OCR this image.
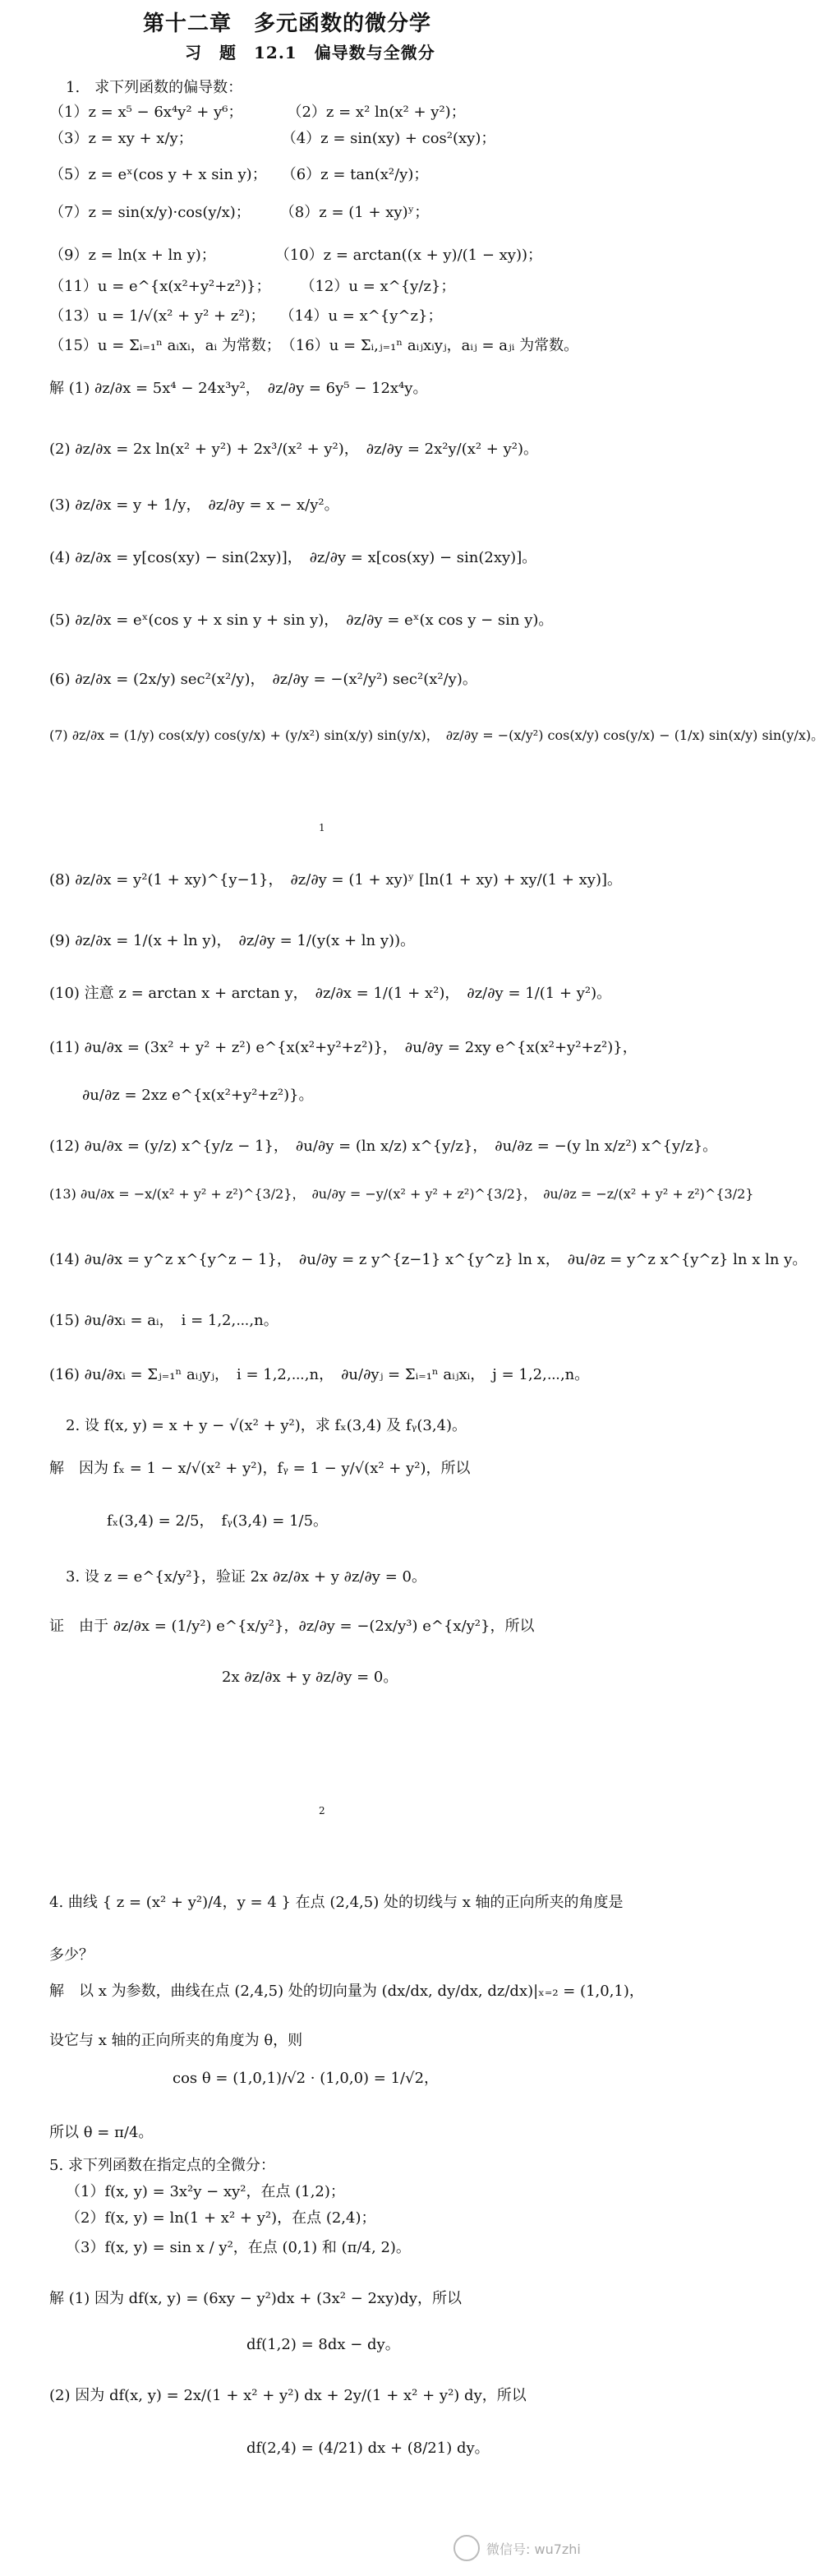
第十二章　多元函数的微分学
习　题　12.1　偏导数与全微分
1.　求下列函数的偏导数：
（1）z = x⁵ − 6x⁴y² + y⁶；　　　　（2）z = x² ln(x² + y²)；
（3）z = xy + x/y；　　　　　　　（4）z = sin(xy) + cos²(xy)；
（5）z = eˣ(cos y + x sin y)；　　（6）z = tan(x²/y)；
（7）z = sin(x/y)·cos(y/x)；　　　（8）z = (1 + xy)ʸ；
（9）z = ln(x + ln y)；　　　　　（10）z = arctan((x + y)/(1 − xy))；
（11）u = e^{x(x²+y²+z²)}；　　　（12）u = x^{y/z}；
（13）u = 1/√(x² + y² + z²)；　　（14）u = x^{y^z}；
（15）u = Σᵢ₌₁ⁿ aᵢxᵢ，aᵢ 为常数；　（16）u = Σᵢ,ⱼ₌₁ⁿ aᵢⱼxᵢyⱼ，aᵢⱼ = aⱼᵢ 为常数。
解 (1) ∂z/∂x = 5x⁴ − 24x³y²，　∂z/∂y = 6y⁵ − 12x⁴y。
(2) ∂z/∂x = 2x ln(x² + y²) + 2x³/(x² + y²)，　∂z/∂y = 2x²y/(x² + y²)。
(3) ∂z/∂x = y + 1/y，　∂z/∂y = x − x/y²。
(4) ∂z/∂x = y[cos(xy) − sin(2xy)]，　∂z/∂y = x[cos(xy) − sin(2xy)]。
(5) ∂z/∂x = eˣ(cos y + x sin y + sin y)，　∂z/∂y = eˣ(x cos y − sin y)。
(6) ∂z/∂x = (2x/y) sec²(x²/y)，　∂z/∂y = −(x²/y²) sec²(x²/y)。
(7) ∂z/∂x = (1/y) cos(x/y) cos(y/x) + (y/x²) sin(x/y) sin(y/x)，　∂z/∂y = −(x/y²) cos(x/y) cos(y/x) − (1/x) sin(x/y) sin(y/x)。
1
(8) ∂z/∂x = y²(1 + xy)^{y−1}，　∂z/∂y = (1 + xy)ʸ [ln(1 + xy) + xy/(1 + xy)]。
(9) ∂z/∂x = 1/(x + ln y)，　∂z/∂y = 1/(y(x + ln y))。
(10) 注意 z = arctan x + arctan y，　∂z/∂x = 1/(1 + x²)，　∂z/∂y = 1/(1 + y²)。
(11) ∂u/∂x = (3x² + y² + z²) e^{x(x²+y²+z²)}，　∂u/∂y = 2xy e^{x(x²+y²+z²)}，
∂u/∂z = 2xz e^{x(x²+y²+z²)}。
(12) ∂u/∂x = (y/z) x^{y/z − 1}，　∂u/∂y = (ln x/z) x^{y/z}，　∂u/∂z = −(y ln x/z²) x^{y/z}。
(13) ∂u/∂x = −x/(x² + y² + z²)^{3/2}，　∂u/∂y = −y/(x² + y² + z²)^{3/2}，　∂u/∂z = −z/(x² + y² + z²)^{3/2}
(14) ∂u/∂x = y^z x^{y^z − 1}，　∂u/∂y = z y^{z−1} x^{y^z} ln x，　∂u/∂z = y^z x^{y^z} ln x ln y。
(15) ∂u/∂xᵢ = aᵢ，　i = 1,2,⋯,n。
(16) ∂u/∂xᵢ = Σⱼ₌₁ⁿ aᵢⱼyⱼ，　i = 1,2,⋯,n，　∂u/∂yⱼ = Σᵢ₌₁ⁿ aᵢⱼxᵢ，　j = 1,2,⋯,n。
2. 设 f(x, y) = x + y − √(x² + y²)，求 fₓ(3,4) 及 fᵧ(3,4)。
解　因为 fₓ = 1 − x/√(x² + y²)，fᵧ = 1 − y/√(x² + y²)，所以
fₓ(3,4) = 2/5，　fᵧ(3,4) = 1/5。
3. 设 z = e^{x/y²}，验证 2x ∂z/∂x + y ∂z/∂y = 0。
证　由于 ∂z/∂x = (1/y²) e^{x/y²}，∂z/∂y = −(2x/y³) e^{x/y²}，所以
2x ∂z/∂x + y ∂z/∂y = 0。
2
4. 曲线 { z = (x² + y²)/4，y = 4 } 在点 (2,4,5) 处的切线与 x 轴的正向所夹的角度是
多少？
解　以 x 为参数，曲线在点 (2,4,5) 处的切向量为 (dx/dx, dy/dx, dz/dx)|ₓ₌₂ = (1,0,1)，
设它与 x 轴的正向所夹的角度为 θ，则
cos θ = (1,0,1)/√2 · (1,0,0) = 1/√2，
所以 θ = π/4。
5. 求下列函数在指定点的全微分：
（1）f(x, y) = 3x²y − xy²，在点 (1,2)；
（2）f(x, y) = ln(1 + x² + y²)，在点 (2,4)；
（3）f(x, y) = sin x / y²，在点 (0,1) 和 (π/4, 2)。
解 (1) 因为 df(x, y) = (6xy − y²)dx + (3x² − 2xy)dy，所以
df(1,2) = 8dx − dy。
(2) 因为 df(x, y) = 2x/(1 + x² + y²) dx + 2y/(1 + x² + y²) dy，所以
df(2,4) = (4/21) dx + (8/21) dy。
微信号: wu7zhi
